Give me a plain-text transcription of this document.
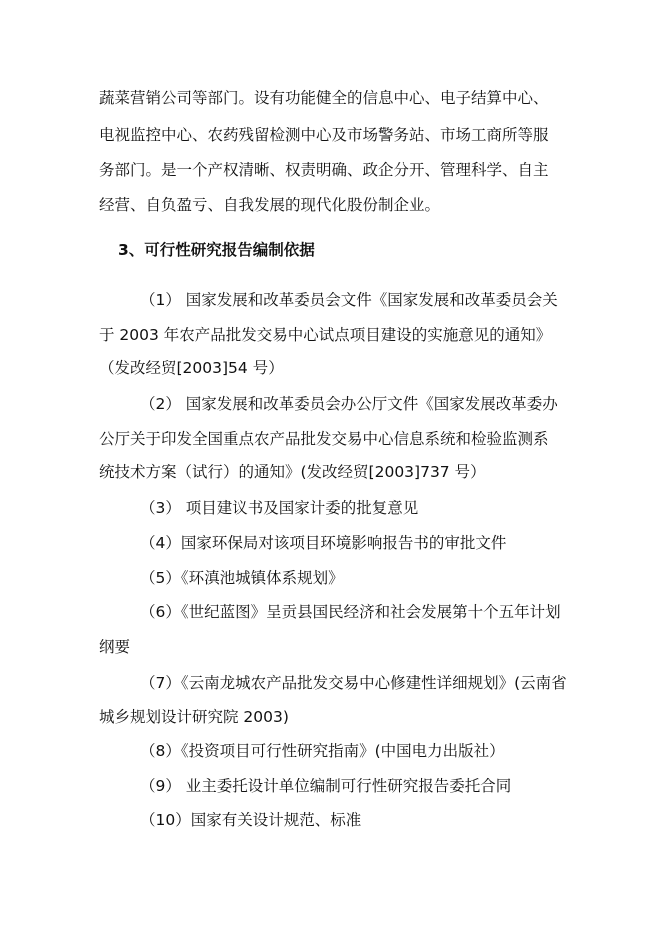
蔬菜营销公司等部门。设有功能健全的信息中心、电子结算中心、
电视监控中心、农药残留检测中心及市场警务站、市场工商所等服
务部门。是一个产权清晰、权责明确、政企分开、管理科学、自主
经营、自负盈亏、自我发展的现代化股份制企业。
3、可行性研究报告编制依据
（1） 国家发展和改革委员会文件《国家发展和改革委员会关
于 2003 年农产品批发交易中心试点项目建设的实施意见的通知》
（发改经贸[2003]54 号）
（2） 国家发展和改革委员会办公厅文件《国家发展改革委办
公厅关于印发全国重点农产品批发交易中心信息系统和检验监测系
统技术方案（试行）的通知》(发改经贸[2003]737 号）
（3） 项目建议书及国家计委的批复意见
（4）国家环保局对该项目环境影响报告书的审批文件
（5）《环滇池城镇体系规划》
（6）《世纪蓝图》呈贡县国民经济和社会发展第十个五年计划
纲要
（7）《云南龙城农产品批发交易中心修建性详细规划》(云南省
城乡规划设计研究院 2003)
（8）《投资项目可行性研究指南》(中国电力出版社）
（9） 业主委托设计单位编制可行性研究报告委托合同
（10）国家有关设计规范、标准
